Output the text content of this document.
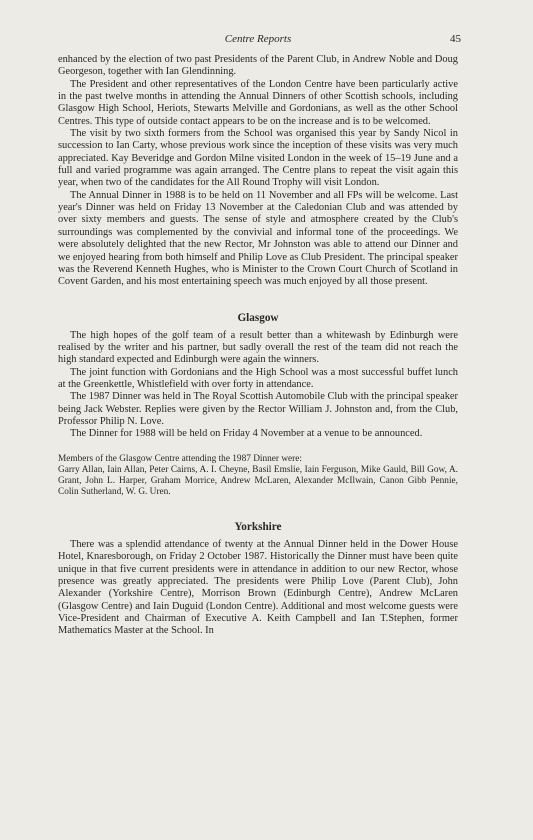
Centre Reports	45

enhanced by the election of two past Presidents of the Parent Club, in Andrew Noble and Doug Georgeson, together with Ian Glendinning.

The President and other representatives of the London Centre have been particularly active in the past twelve months in attending the Annual Dinners of other Scottish schools, including Glasgow High School, Heriots, Stewarts Melville and Gordonians, as well as the other School Centres. This type of outside contact appears to be on the increase and is to be welcomed.

The visit by two sixth formers from the School was organised this year by Sandy Nicol in succession to Ian Carty, whose previous work since the inception of these visits was very much appreciated. Kay Beveridge and Gordon Milne visited London in the week of 15–19 June and a full and varied programme was again arranged. The Centre plans to repeat the visit again this year, when two of the candidates for the All Round Trophy will visit London.

The Annual Dinner in 1988 is to be held on 11 November and all FPs will be welcome. Last year's Dinner was held on Friday 13 November at the Caledonian Club and was attended by over sixty members and guests. The sense of style and atmosphere created by the Club's surroundings was complemented by the convivial and informal tone of the proceedings. We were absolutely delighted that the new Rector, Mr Johnston was able to attend our Dinner and we enjoyed hearing from both himself and Philip Love as Club President. The principal speaker was the Reverend Kenneth Hughes, who is Minister to the Crown Court Church of Scotland in Covent Garden, and his most entertaining speech was much enjoyed by all those present.

Glasgow

The high hopes of the golf team of a result better than a whitewash by Edinburgh were realised by the writer and his partner, but sadly overall the rest of the team did not reach the high standard expected and Edinburgh were again the winners.

The joint function with Gordonians and the High School was a most successful buffet lunch at the Greenkettle, Whistlefield with over forty in attendance.

The 1987 Dinner was held in The Royal Scottish Automobile Club with the principal speaker being Jack Webster. Replies were given by the Rector William J. Johnston and, from the Club, Professor Philip N. Love.

The Dinner for 1988 will be held on Friday 4 November at a venue to be announced.

Members of the Glasgow Centre attending the 1987 Dinner were:

Garry Allan, Iain Allan, Peter Cairns, A. I. Cheyne, Basil Emslie, Iain Ferguson, Mike Gauld, Bill Gow, A. Grant, John L. Harper, Graham Morrice, Andrew McLaren, Alexander McIlwain, Canon Gibb Pennie, Colin Sutherland, W. G. Uren.

Yorkshire

There was a splendid attendance of twenty at the Annual Dinner held in the Dower House Hotel, Knaresborough, on Friday 2 October 1987. Historically the Dinner must have been quite unique in that five current presidents were in attendance in addition to our new Rector, whose presence was greatly appreciated. The presidents were Philip Love (Parent Club), John Alexander (Yorkshire Centre), Morrison Brown (Edinburgh Centre), Andrew McLaren (Glasgow Centre) and Iain Duguid (London Centre). Additional and most welcome guests were Vice-President and Chairman of Executive A. Keith Campbell and Ian T.Stephen, former Mathematics Master at the School. In
